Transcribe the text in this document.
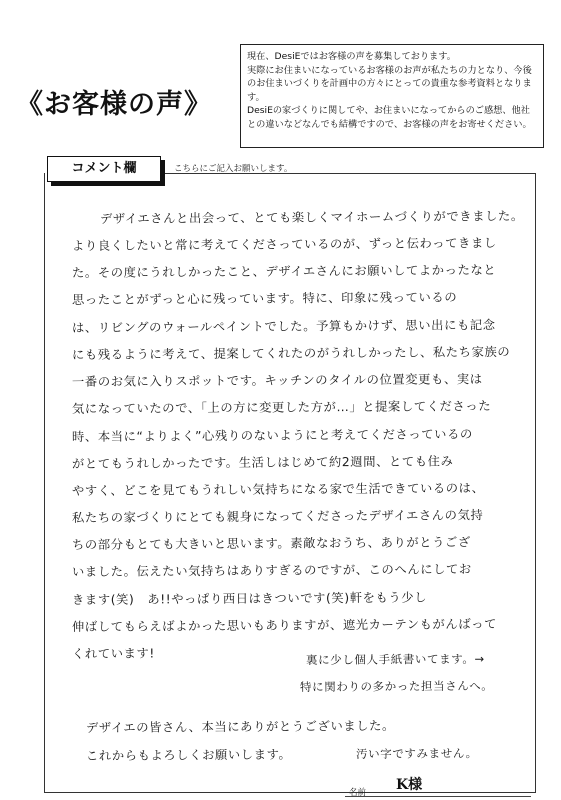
《お客様の声》

現在、DesiEではお客様の声を募集しております。

実際にお住まいになっているお客様のお声が私たちの力となり、今後のお住まいづくりを計画中の方々にとっての貴重な参考資料となります。

DesiEの家づくりに関してや、お住まいになってからのご感想、他社との違いなどなんでも結構ですので、お客様の声をお寄せください。

コメント欄	こちらにご記入お願いします。
デザイエさんと出会って、とても楽しくマイホームづくりができました。
より良くしたいと常に考えてくださっているのが、ずっと伝わってきまし
た。その度にうれしかったこと、デザイエさんにお願いしてよかったなと
思ったことがずっと心に残っています。特に、印象に残っているの
は、リビングのウォールペイントでした。予算もかけず、思い出にも記念
にも残るように考えて、提案してくれたのがうれしかったし、私たち家族の
一番のお気に入りスポットです。キッチンのタイルの位置変更も、実は
気になっていたので、「上の方に変更した方が…」と提案してくださった
時、本当に“よりよく”心残りのないようにと考えてくださっているの
がとてもうれしかったです。生活しはじめて約2週間、とても住み
やすく、どこを見てもうれしい気持ちになる家で生活できているのは、
私たちの家づくりにとても親身になってくださったデザイエさんの気持
ちの部分もとても大きいと思います。素敵なおうち、ありがとうござ
いました。伝えたい気持ちはありすぎるのですが、このへんにしてお
きます(笑)　あ!!やっぱり西日はきついです(笑)軒をもう少し
伸ばしてもらえばよかった思いもありますが、遮光カーテンもがんばって
くれています!	裏に少し個人手紙書いてます。→
特に関わりの多かった担当さんへ。
デザイエの皆さん、本当にありがとうございました。
これからもよろしくお願いします。	汚い字ですみません。
名前 K様
